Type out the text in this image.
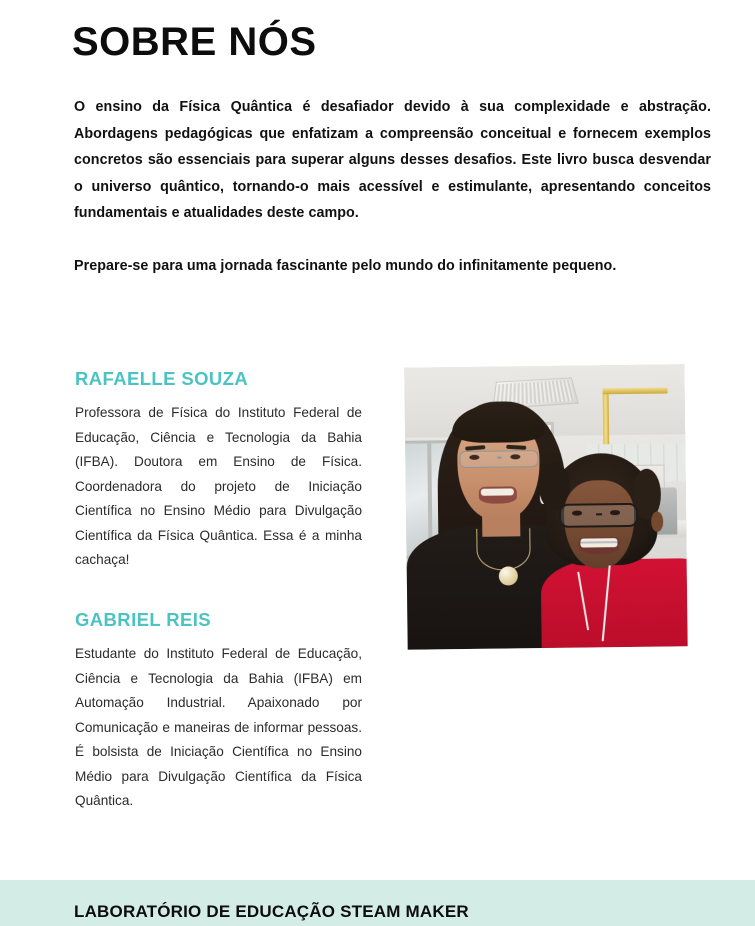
SOBRE NÓS

O ensino da Física Quântica é desafiador devido à sua complexidade e abstração. Abordagens pedagógicas que enfatizam a compreensão conceitual e fornecem exemplos concretos são essenciais para superar alguns desses desafios. Este livro busca desvendar o universo quântico, tornando-o mais acessível e estimulante, apresentando conceitos fundamentais e atualidades deste campo.

Prepare-se para uma jornada fascinante pelo mundo do infinitamente pequeno.

RAFAELLE SOUZA

Professora de Física do Instituto Federal de Educação, Ciência e Tecnologia da Bahia (IFBA). Doutora em Ensino de Física. Coordenadora do projeto de Iniciação Científica no Ensino Médio para Divulgação Científica da Física Quântica. Essa é a minha cachaça!

GABRIEL REIS

Estudante do Instituto Federal de Educação, Ciência e Tecnologia da Bahia (IFBA) em Automação Industrial. Apaixonado por Comunicação e maneiras de informar pessoas. É bolsista de Iniciação Científica no Ensino Médio para Divulgação Científica da Física Quântica.

LABORATÓRIO DE EDUCAÇÃO STEAM MAKER
